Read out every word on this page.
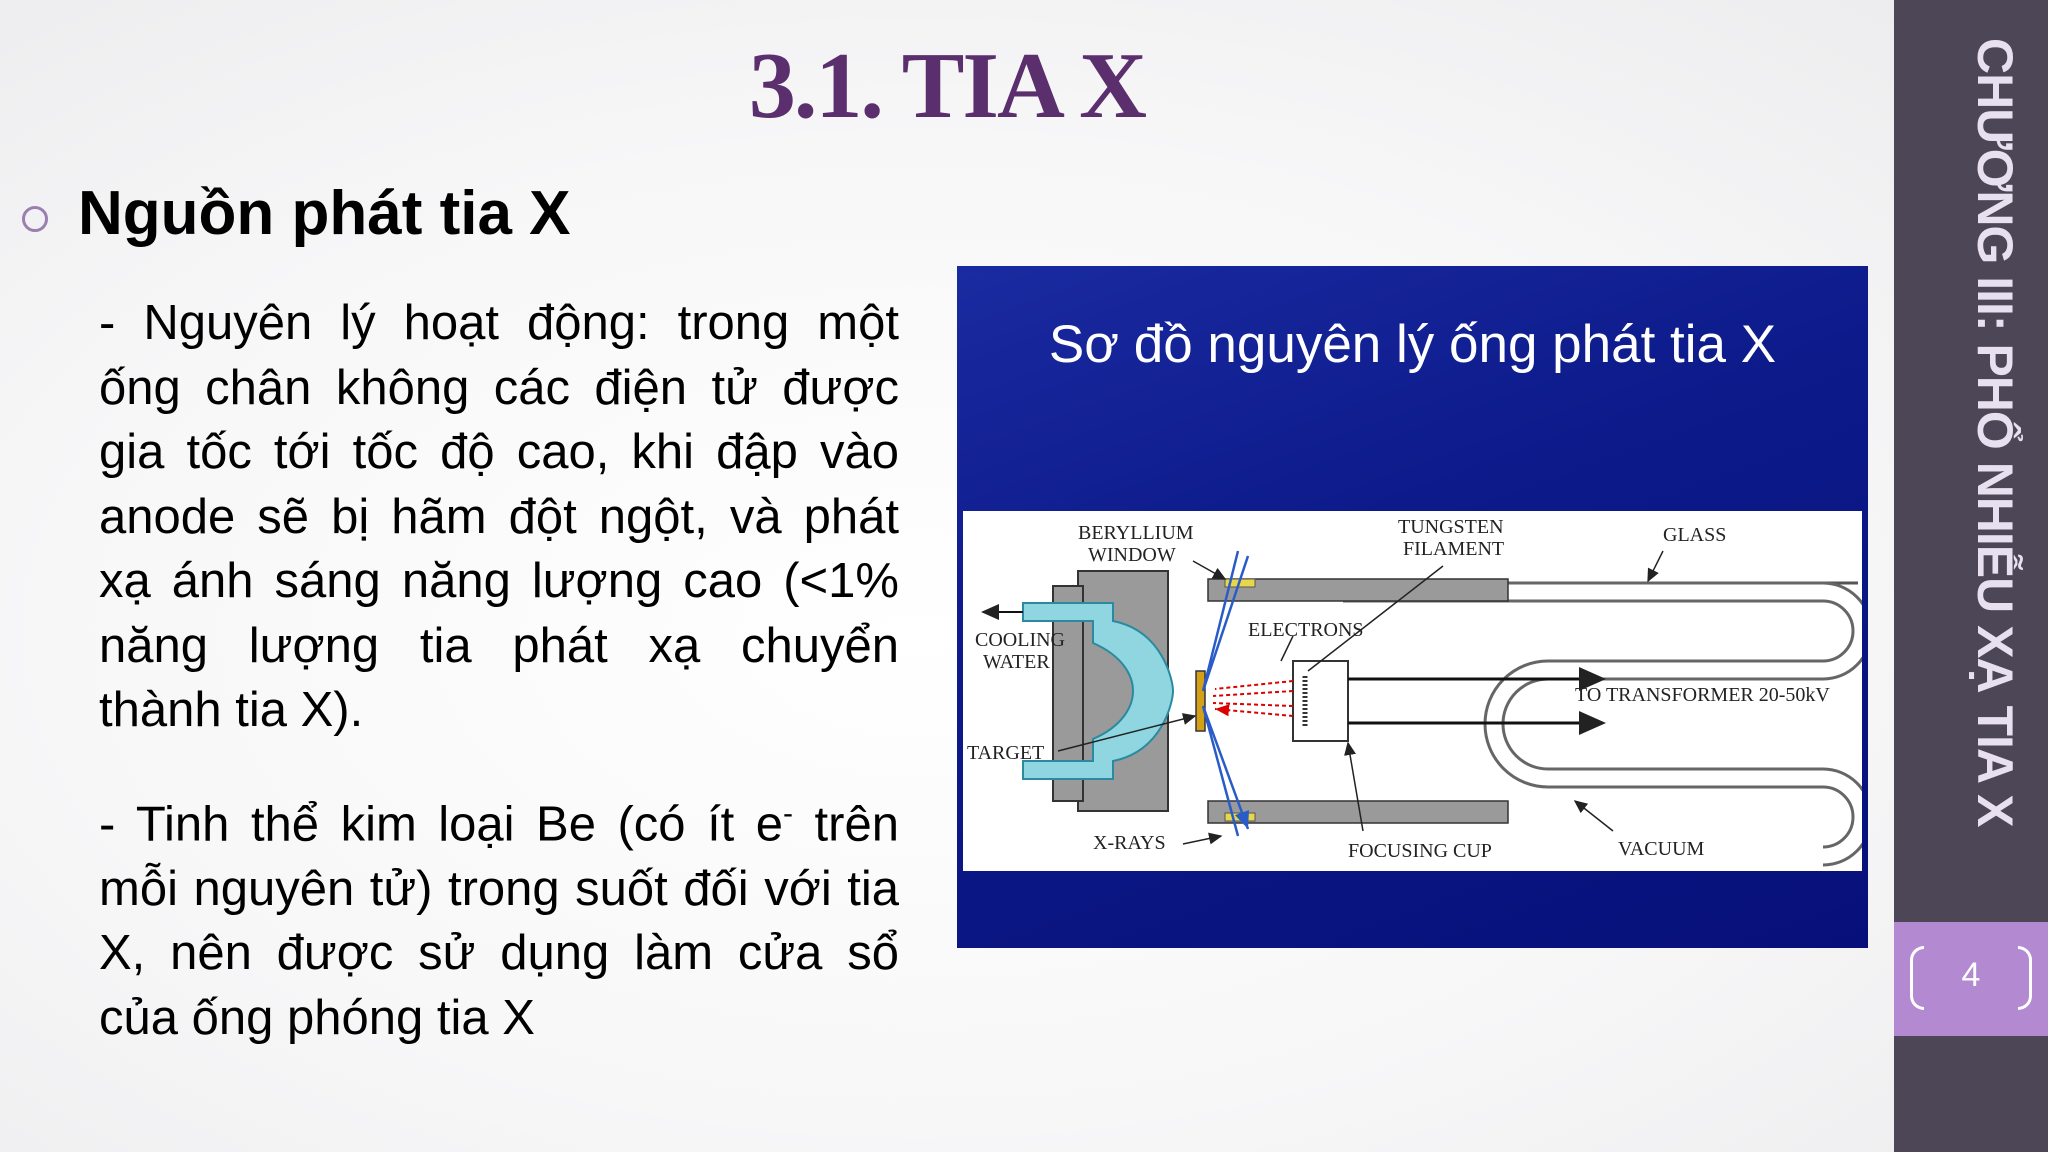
3.1. TIA X
Nguồn phát tia X
- Nguyên lý hoạt động: trong một ống chân không các điện tử được gia tốc tới tốc độ cao, khi đập vào anode sẽ bị hãm đột ngột, và phát xạ ánh sáng năng lượng cao (<1% năng lượng tia phát xạ chuyển thành tia X).
- Tinh thể kim loại Be (có ít e- trên mỗi nguyên tử) trong suốt đối với tia X, nên được sử dụng làm cửa sổ của ống phóng tia X
Sơ đồ nguyên lý ống phát tia X
BERYLLIUM
WINDOW
TUNGSTEN
FILAMENT
GLASS
COOLING
WATER
ELECTRONS
TO TRANSFORMER 20-50kV
TARGET
X-RAYS	FOCUSING CUP	VACUUM
CHƯƠNG III: PHỔ NHIỄU XẠ TIA X
4
